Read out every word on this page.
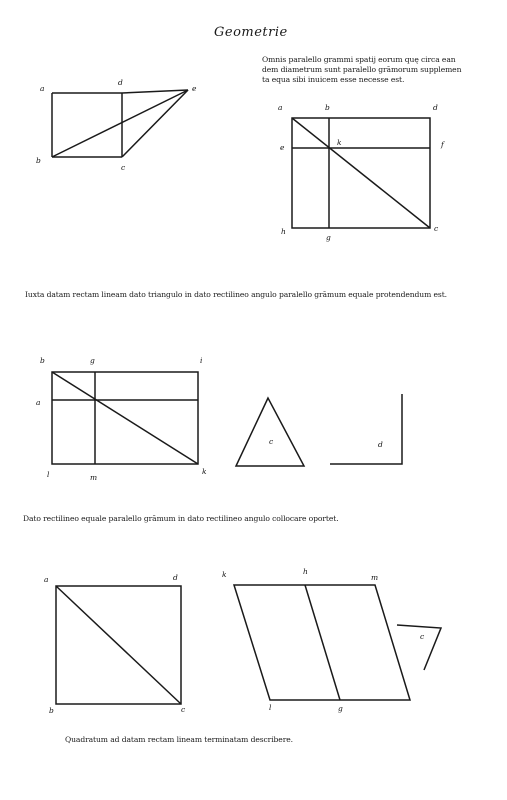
Geometrie
Omnis paralello grammi spatij eorum quę circa ean
dem diametrum sunt paralello grāmorum supplemen
ta equa sibi inuicem esse necesse est.
Iuxta datam rectam lineam dato triangulo in dato rectilineo angulo paralello grāmum equale protendendum est.
Dato rectilineo equale paralello grāmum in dato rectilineo angulo collocare oportet.
Quadratum ad datam rectam lineam terminatam describere.
a
d
e
b
c
a	b	d
e
k	f
h
g
c
b	g	i
a
l	m
k
c	d
a	d
b	c
k	h
m
l	g
c
